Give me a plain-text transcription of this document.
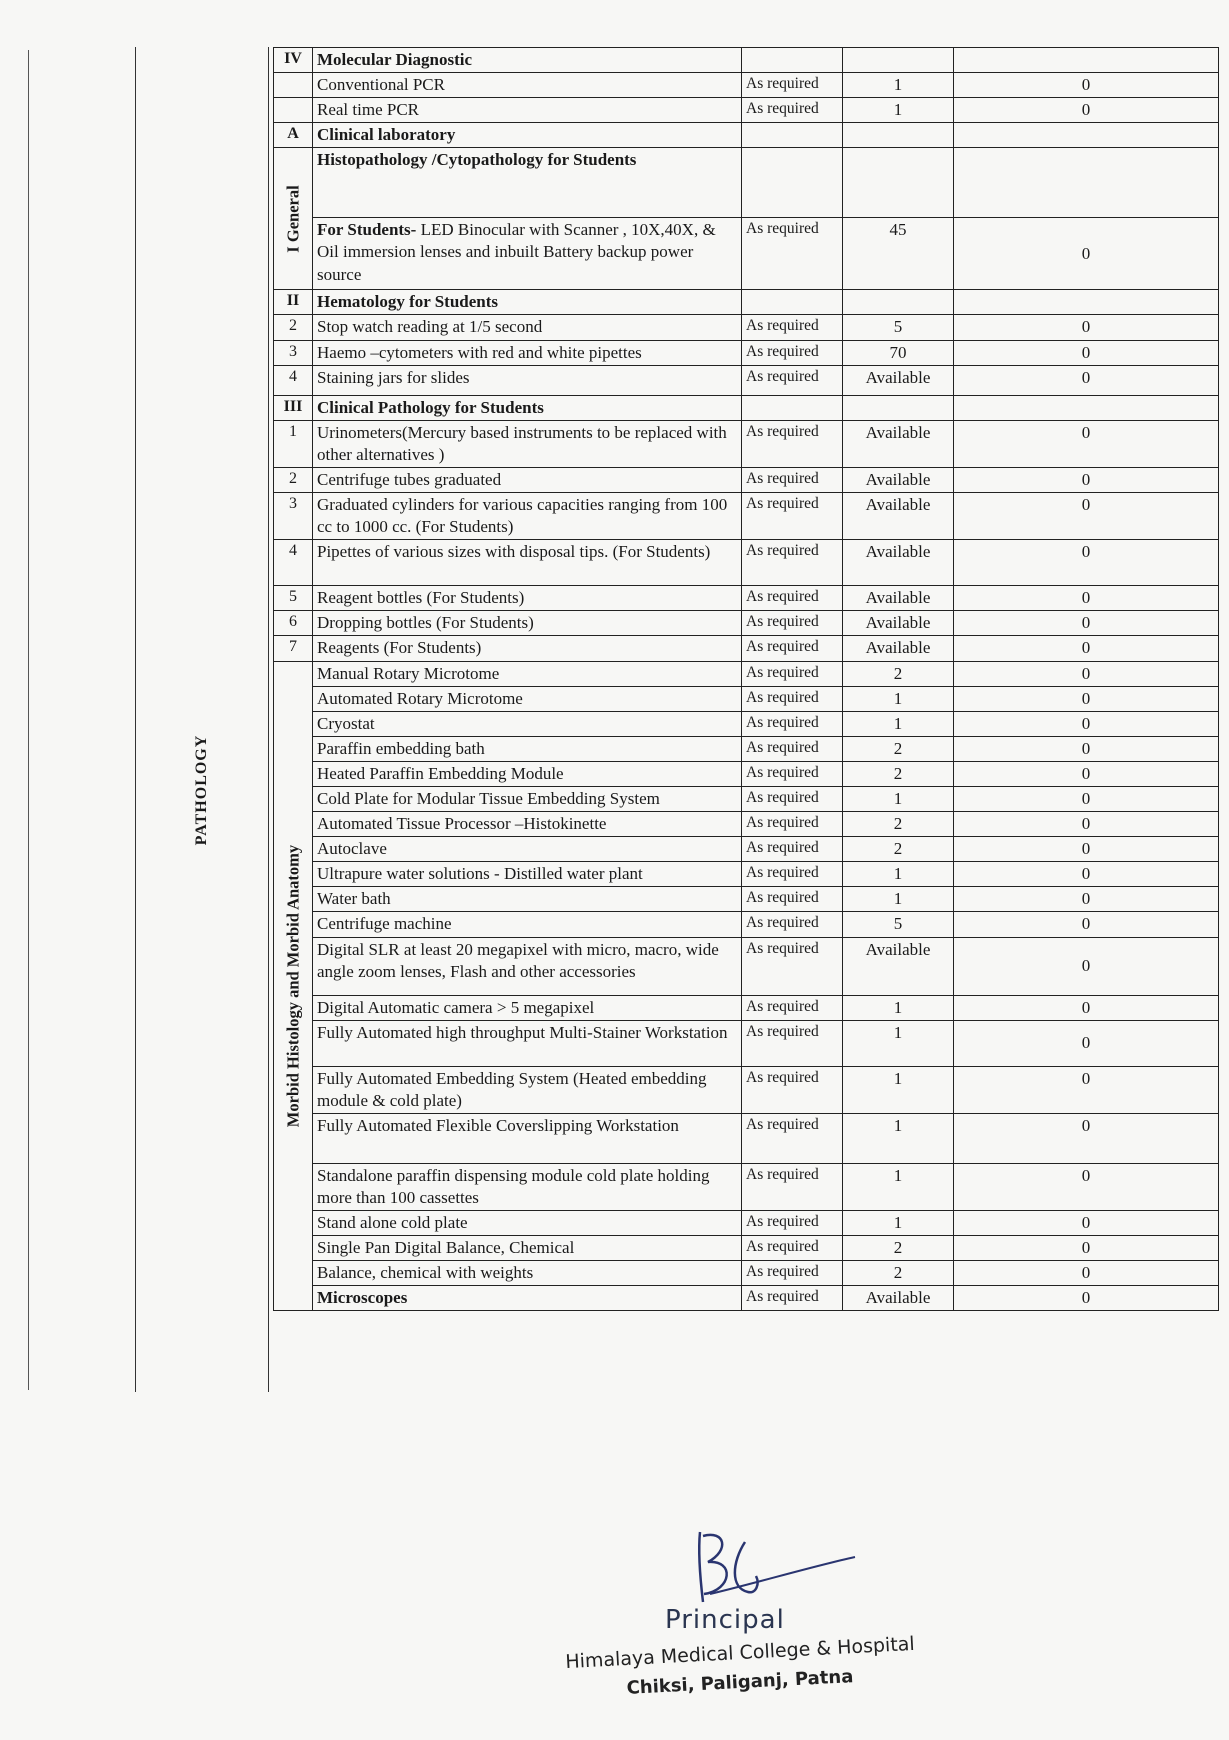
PATHOLOGY
IV	Molecular Diagnostic			
	Conventional PCR	As required	1	0
	Real time PCR	As required	1	0
A	Clinical laboratory			

I General	Histopathology /Cytopathology for Students			
	For Students- LED Binocular with Scanner , 10X,40X, & Oil immersion lenses and inbuilt Battery backup power source	As required	45	0
II	Hematology for Students			
2	Stop watch reading at 1/5 second	As required	5	0
3	Haemo –cytometers with red and white pipettes	As required	70	0
4	Staining jars for slides	As required	Available	0
III	Clinical Pathology for Students			
1	Urinometers(Mercury based instruments to be replaced with other alternatives )	As required	Available	0
2	Centrifuge tubes graduated	As required	Available	0
3	Graduated cylinders for various capacities ranging from 100 cc to 1000 cc. (For Students)	As required	Available	0
4	Pipettes of various sizes with disposal tips. (For Students)	As required	Available	0
5	Reagent bottles (For Students)	As required	Available	0
6	Dropping bottles (For Students)	As required	Available	0
7	Reagents (For Students)	As required	Available	0

Morbid Histology and Morbid Anatomy	Manual Rotary Microtome	As required	2	0
	Automated Rotary Microtome	As required	1	0
	Cryostat	As required	1	0
	Paraffin embedding bath	As required	2	0
	Heated Paraffin Embedding Module	As required	2	0
	Cold Plate for Modular Tissue Embedding System	As required	1	0
	Automated Tissue Processor –Histokinette	As required	2	0
	Autoclave	As required	2	0
	Ultrapure water solutions - Distilled water plant	As required	1	0
	Water bath	As required	1	0
	Centrifuge machine	As required	5	0
	Digital SLR at least 20 megapixel with micro, macro, wide angle zoom lenses, Flash and other accessories	As required	Available	0
	Digital Automatic camera > 5 megapixel	As required	1	0
	Fully Automated high throughput Multi-Stainer Workstation	As required	1	0
	Fully Automated Embedding System (Heated embedding module & cold plate)	As required	1	0
	Fully Automated Flexible Coverslipping Workstation	As required	1	0
	Standalone paraffin dispensing module cold plate holding more than 100 cassettes	As required	1	0
	Stand alone cold plate	As required	1	0
	Single Pan Digital Balance, Chemical	As required	2	0
	Balance, chemical with weights	As required	2	0
	Microscopes	As required	Available	0
Principal
Himalaya Medical College & Hospital
Chiksi, Paliganj, Patna
